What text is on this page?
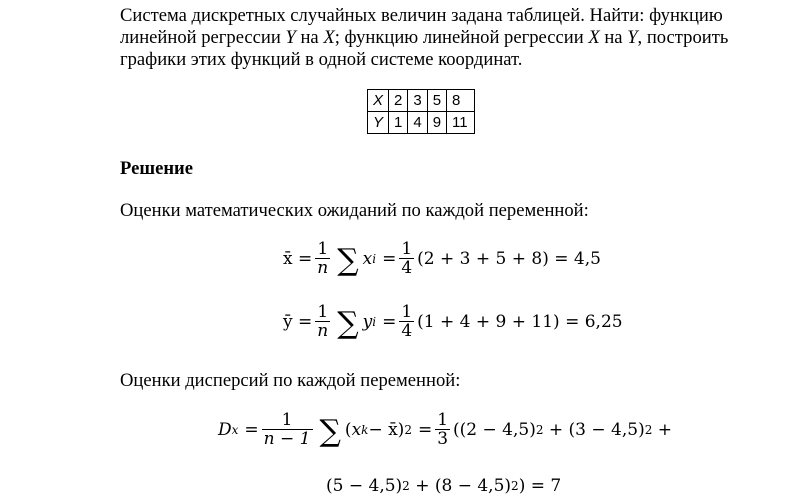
Система дискретных случайных величин задана таблицей. Найти: функцию
линейной регрессии Y на X; функцию линейной регрессии X на Y, построить
графики этих функций в одной системе координат.
X	2	3	5	8
Y	1	4	9	11
Решение
Оценки математических ожиданий по каждой переменной:
x̄ = $\frac{1}{n}$ ∑ x $i = \frac{1}{4} (2 + 3 + 5 + 8) = 4,5$
ȳ = $\frac{1}{n}$ ∑ y $i = \frac{1}{4} (1 + 4 + 9 + 11) = 6,25$
Оценки дисперсий по каждой переменной:
D $x = \frac{1}{n - 1}$ ∑ ( x k − x̄) $2 = \frac{1}{3} ((2 - 4,5) 2 + (3 - 4,5) 2$ +
(5 − 4,5) 2 + (8 − 4,5) 2 ) = 7
